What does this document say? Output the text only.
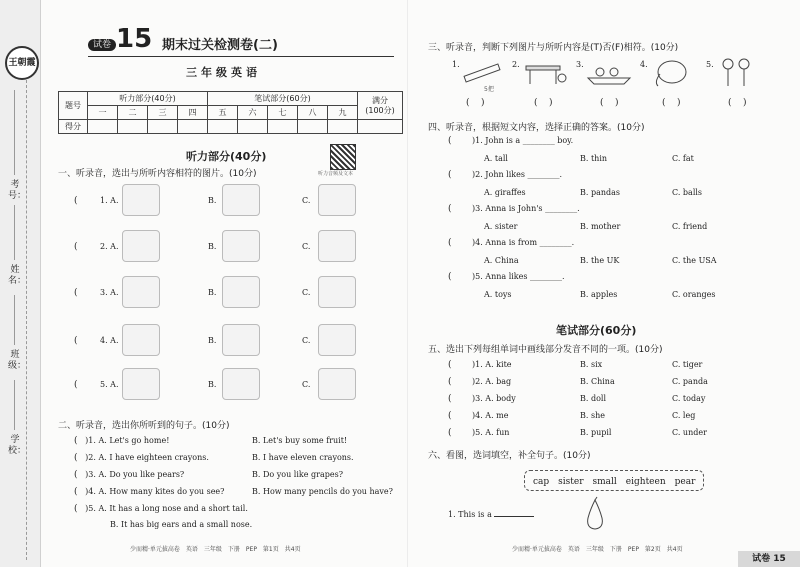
王朝霞
考号：
姓名：
班级：
学校：
试卷 15 期末过关检测卷(二)
三年级英语
题号	听力部分(40分)				笔试部分(60分)					满分
(100分)
	一	二	三	四	五	六	七	八	九	
得分										
听力部分(40分)
听力音频及文本
一、听录音，选出与所听内容相符的图片。(10分)
二、听录音，选出你所听到的句子。(10分)
( )1. A. Let's go home!	B. Let's buy some fruit!
( )2. A. I have eighteen crayons.	B. I have eleven crayons.
( )3. A. Do you like pears?	B. Do you like grapes?
( )4. A. How many kites do you see?	B. How many pencils do you have?
( )5. A. It has a long nose and a short tail.
B. It has big ears and a small nose.
少而精·单元拔高卷　英语　三年级　下册　PEP　第1页　共4页
三、听录音，判断下列图片与所听内容是(T)否(F)相符。(10分)
1.
5把
2.	3.	4.	5.
(    )	(    )	(    )	(    )	(    )
四、听录音，根据短文内容，选择正确的答案。(10分)
笔试部分(60分)
五、选出下列每组单词中画线部分发音不同的一项。(10分)
六、看图，选词填空，补全句子。(10分)
cap　sister　small　eighteen　pear
1. This is a
少而精·单元拔高卷　英语　三年级　下册　PEP　第2页　共4页
试卷 15
(	1. A.	B.	C.
(	2. A.	B.	C.
(	3. A.	B.	C.
(	4. A.	B.	C.
(	5. A.	B.	C.
(	)1. John is a ________ boy.
A. tall	B. thin	C. fat
(	)2. John likes ________.
A. giraffes	B. pandas	C. balls
(	)3. Anna is John's ________.
A. sister	B. mother	C. friend
(	)4. Anna is from ________.
A. China	B. the UK	C. the USA
(	)5. Anna likes ________.
A. toys	B. apples	C. oranges
(	)1. A. kite	B. six	C. tiger
(	)2. A. bag	B. China	C. panda
(	)3. A. body	B. doll	C. today
(	)4. A. me	B. she	C. leg
(	)5. A. fun	B. pupil	C. under
